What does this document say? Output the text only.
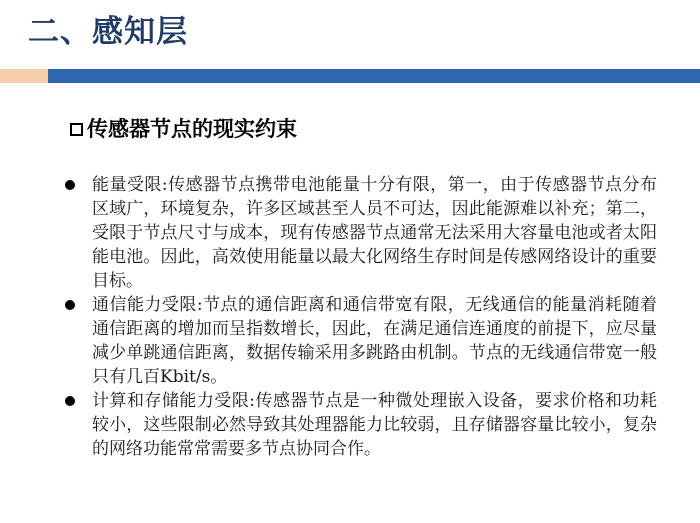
二、感知层
传感器节点的现实约束
能量受限:传感器节点携带电池能量十分有限，第一，由于传感器节点分布区域广，环境复杂，许多区域甚至人员不可达，因此能源难以补充；第二，受限于节点尺寸与成本，现有传感器节点通常无法采用大容量电池或者太阳能电池。因此，高效使用能量以最大化网络生存时间是传感网络设计的重要目标。
通信能力受限:节点的通信距离和通信带宽有限，无线通信的能量消耗随着通信距离的增加而呈指数增长，因此，在满足通信连通度的前提下，应尽量减少单跳通信距离，数据传输采用多跳路由机制。节点的无线通信带宽一般只有几百Kbit/s。
计算和存储能力受限:传感器节点是一种微处理嵌入设备，要求价格和功耗较小，这些限制必然导致其处理器能力比较弱，且存储器容量比较小，复杂的网络功能常常需要多节点协同合作。
